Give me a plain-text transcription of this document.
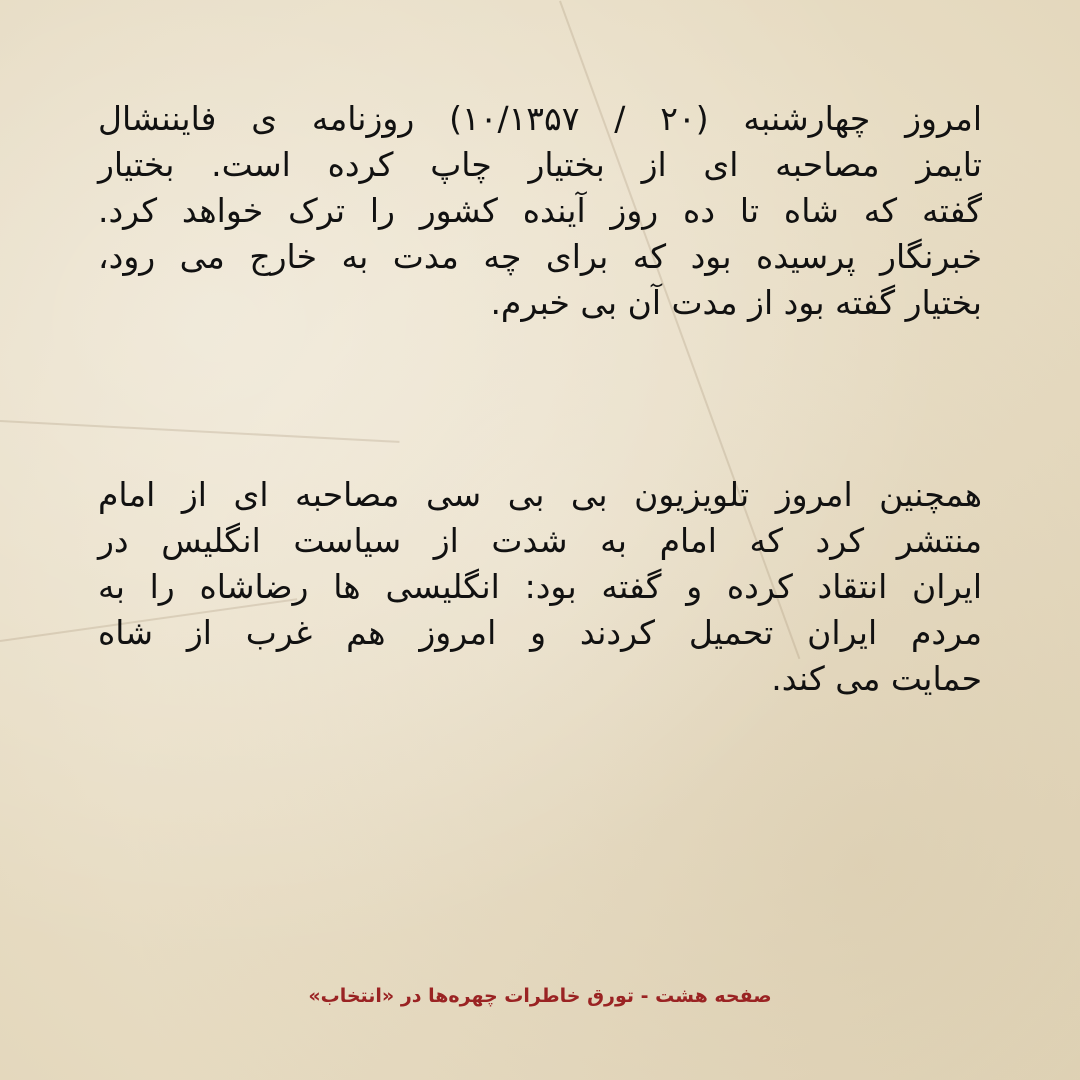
امروز چهارشنبه (۲۰ / ۱۰/۱۳۵۷) روزنامه ی فایننشال
تایمز مصاحبه ای از بختیار چاپ کرده است. بختیار
گفته که شاه تا ده روز آینده کشور را ترک خواهد کرد.
خبرنگار پرسیده بود که برای چه مدت به خارج می رود،
بختیار گفته بود از مدت آن بی خبرم.
همچنین امروز تلویزیون بی بی سی مصاحبه ای از امام
منتشر کرد که امام به شدت از سیاست انگلیس در
ایران انتقاد کرده و گفته بود: انگلیسی ها رضاشاه را به
مردم ایران تحمیل کردند و امروز هم غرب از شاه
حمایت می کند.
صفحه هشت - تورق خاطرات چهره‌ها در «انتخاب»
